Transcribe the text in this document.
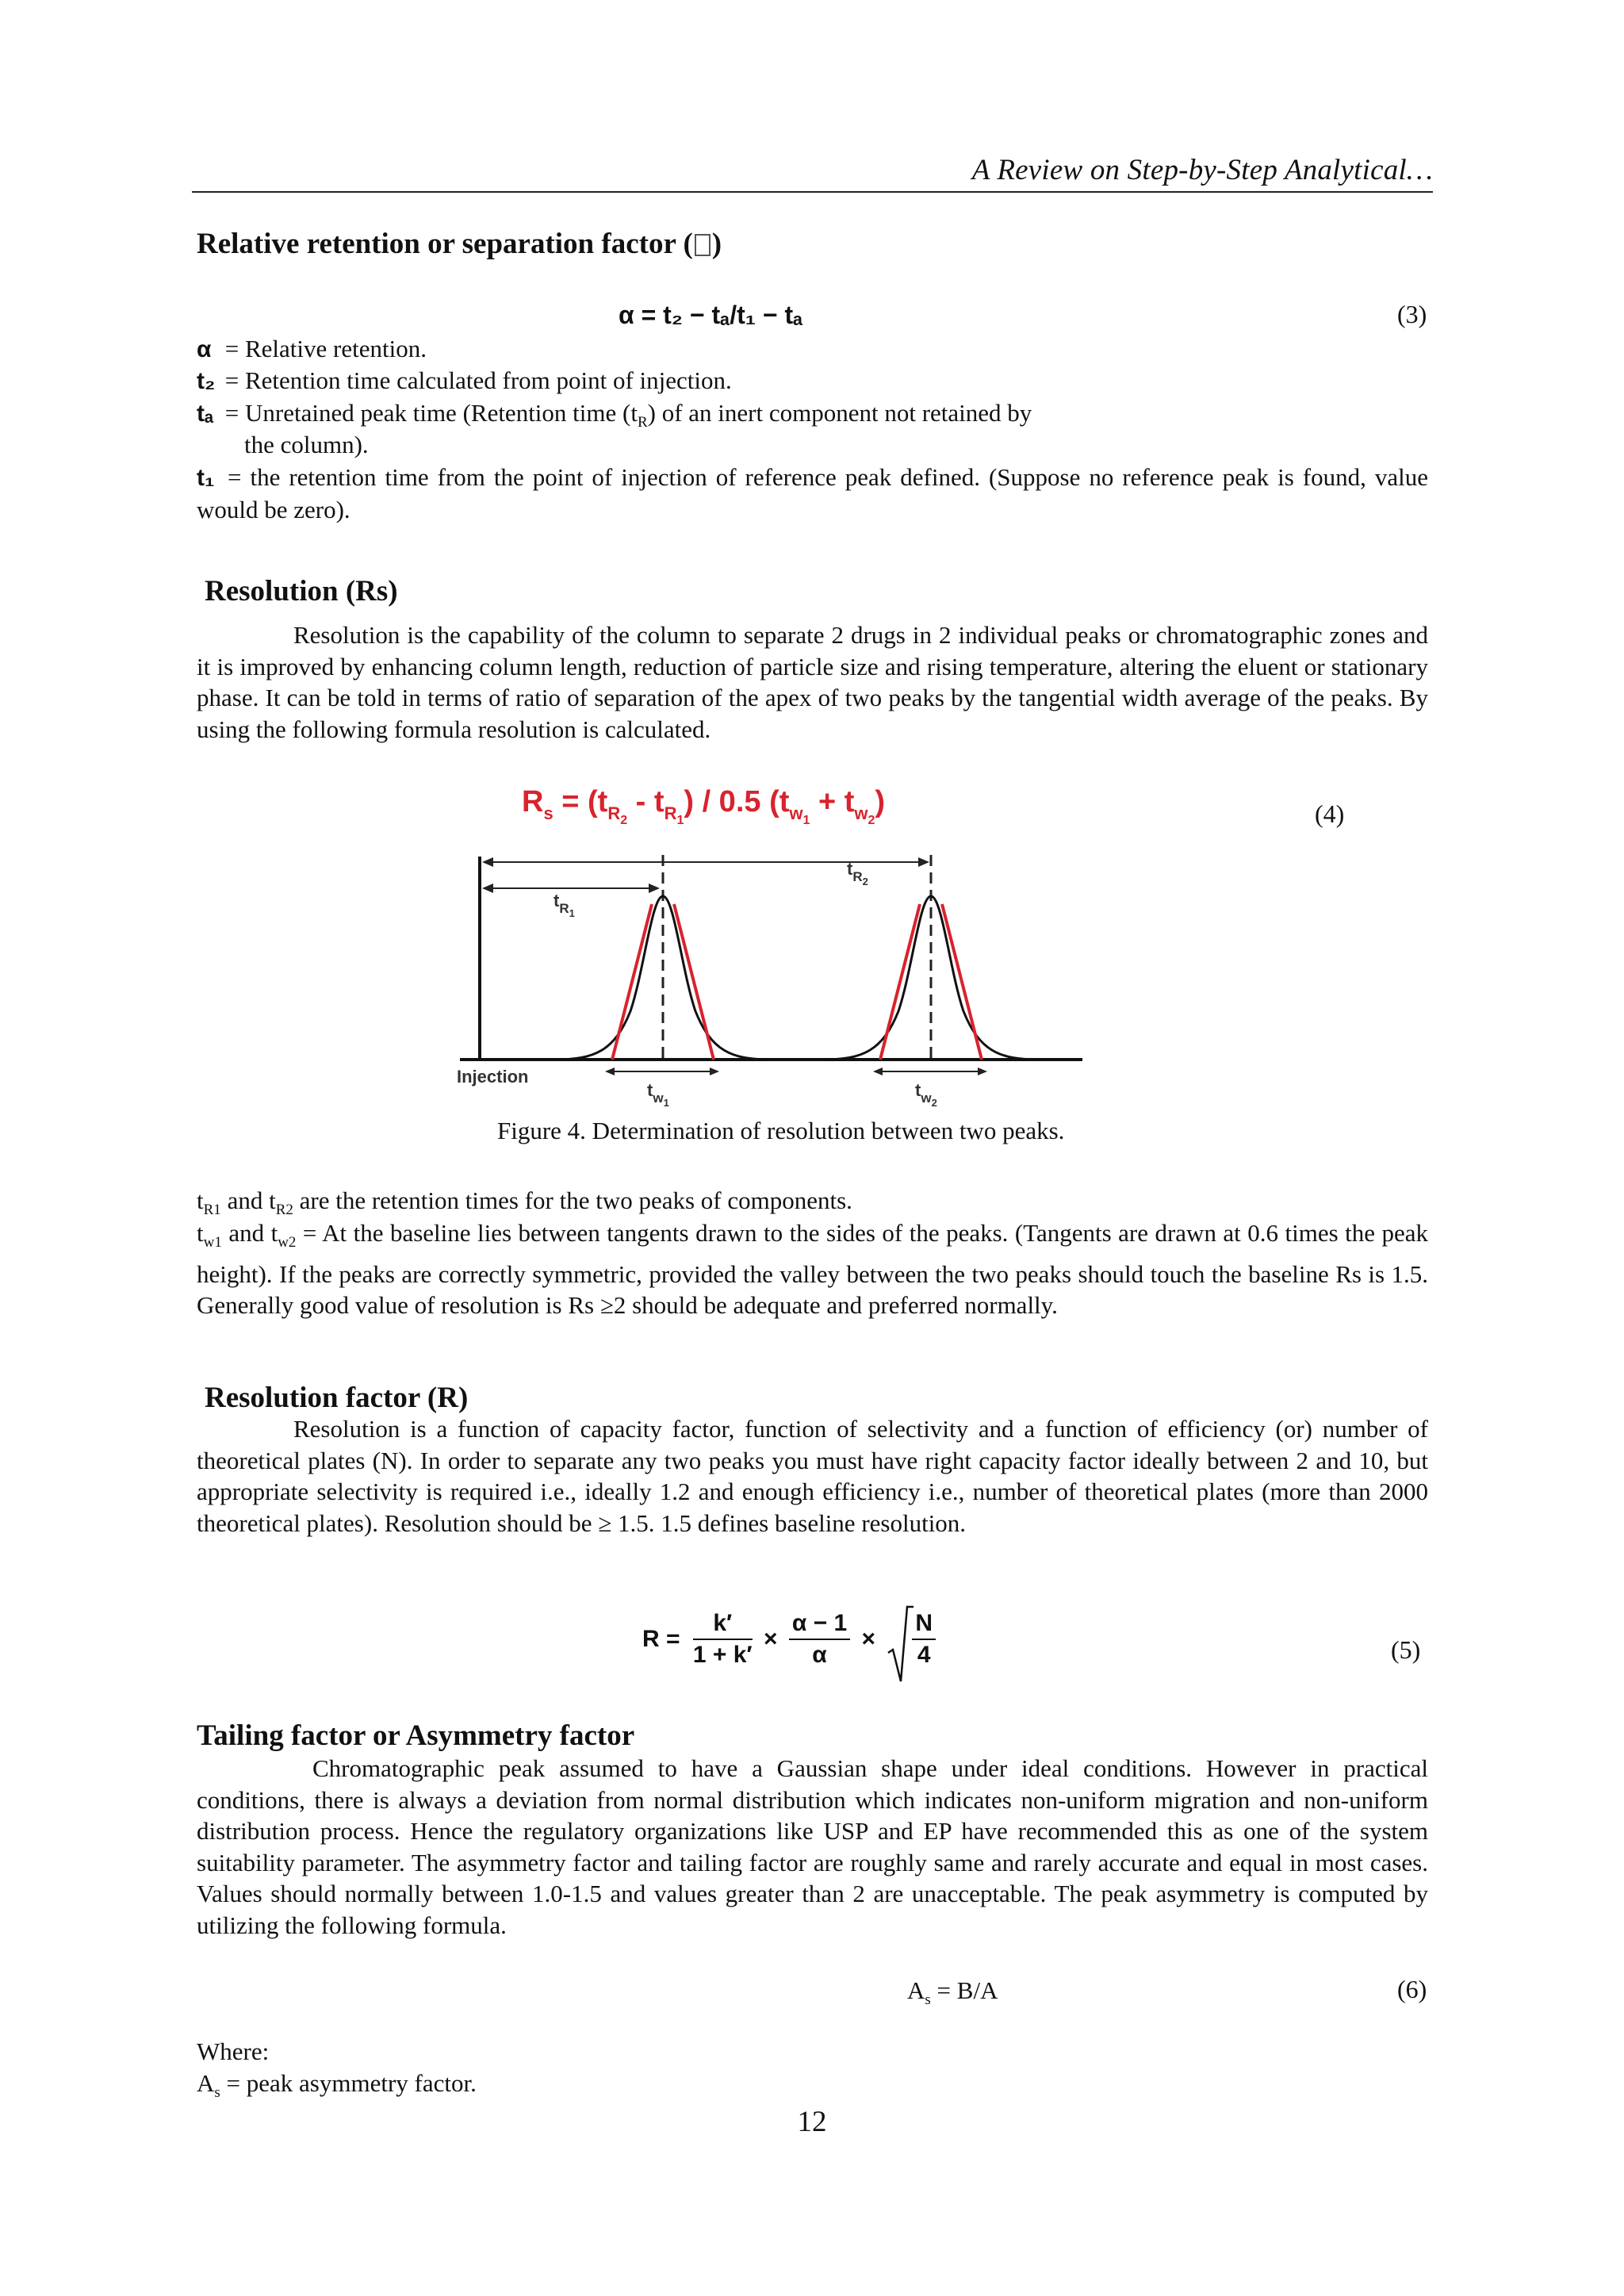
A Review on Step-by-Step Analytical…
Relative retention or separation factor ( )
α = t₂ − tₐ/t₁ − tₐ	(3)
α = Relative retention.
t₂ = Retention time calculated from point of injection.
tₐ = Unretained peak time (Retention time $(t_R)$ of an inert component not retained by
the column).
t₁ = the retention time from the point of injection of reference peak defined. (Suppose no reference peak is found, value would be zero).
Resolution (Rs)
Resolution is the capability of the column to separate 2 drugs in 2 individual peaks or chromatographic zones and it is improved by enhancing column length, reduction of particle size and rising temperature, altering the eluent or stationary phase. It can be told in terms of ratio of separation of the apex of two peaks by the tangential width average of the peaks. By using the following formula resolution is calculated.
(4)
$R_s = (t_R2 - t_R1) / 0.5$ $(t_w1 + t_w2)$
$t_{R1}$
$t_{R2}$
Injection
$t_{w1}$
$t_{w2}$
Figure 4. Determination of resolution between two peaks.
$t_{R1}$ and $t_{R2}$ are the retention times for the two peaks of components.
$t_{w1}$ and $t_{w2} = At$ the baseline lies between tangents drawn to the sides of the peaks. (Tangents are drawn at 0.6 times the peak height). If the peaks are correctly symmetric, provided the valley between the two peaks should touch the baseline Rs is 1.5. Generally good value of resolution is Rs ≥2 should be adequate and preferred normally.
Resolution factor (R)
Resolution is a function of capacity factor, function of selectivity and a function of efficiency (or) number of theoretical plates (N). In order to separate any two peaks you must have right capacity factor ideally between 2 and 10, but appropriate selectivity is required i.e., ideally 1.2 and enough efficiency i.e., number of theoretical plates (more than 2000 theoretical plates). Resolution should be ≥ 1.5. 1.5 defines baseline resolution.
$R = \frac{k'}{1 + k'} \times \frac{\alpha - 1}{\alpha} \times \frac{N}{4}$	(5)
Tailing factor or Asymmetry factor
Chromatographic peak assumed to have a Gaussian shape under ideal conditions. However in practical conditions, there is always a deviation from normal distribution which indicates non-uniform migration and non-uniform distribution process. Hence the regulatory organizations like USP and EP have recommended this as one of the system suitability parameter. The asymmetry factor and tailing factor are roughly same and rarely accurate and equal in most cases. Values should normally between 1.0-1.5 and values greater than 2 are unacceptable. The peak asymmetry is computed by utilizing the following formula.
$A_s = B/A$	(6)
Where:
$A_s$ = peak asymmetry factor.
12
